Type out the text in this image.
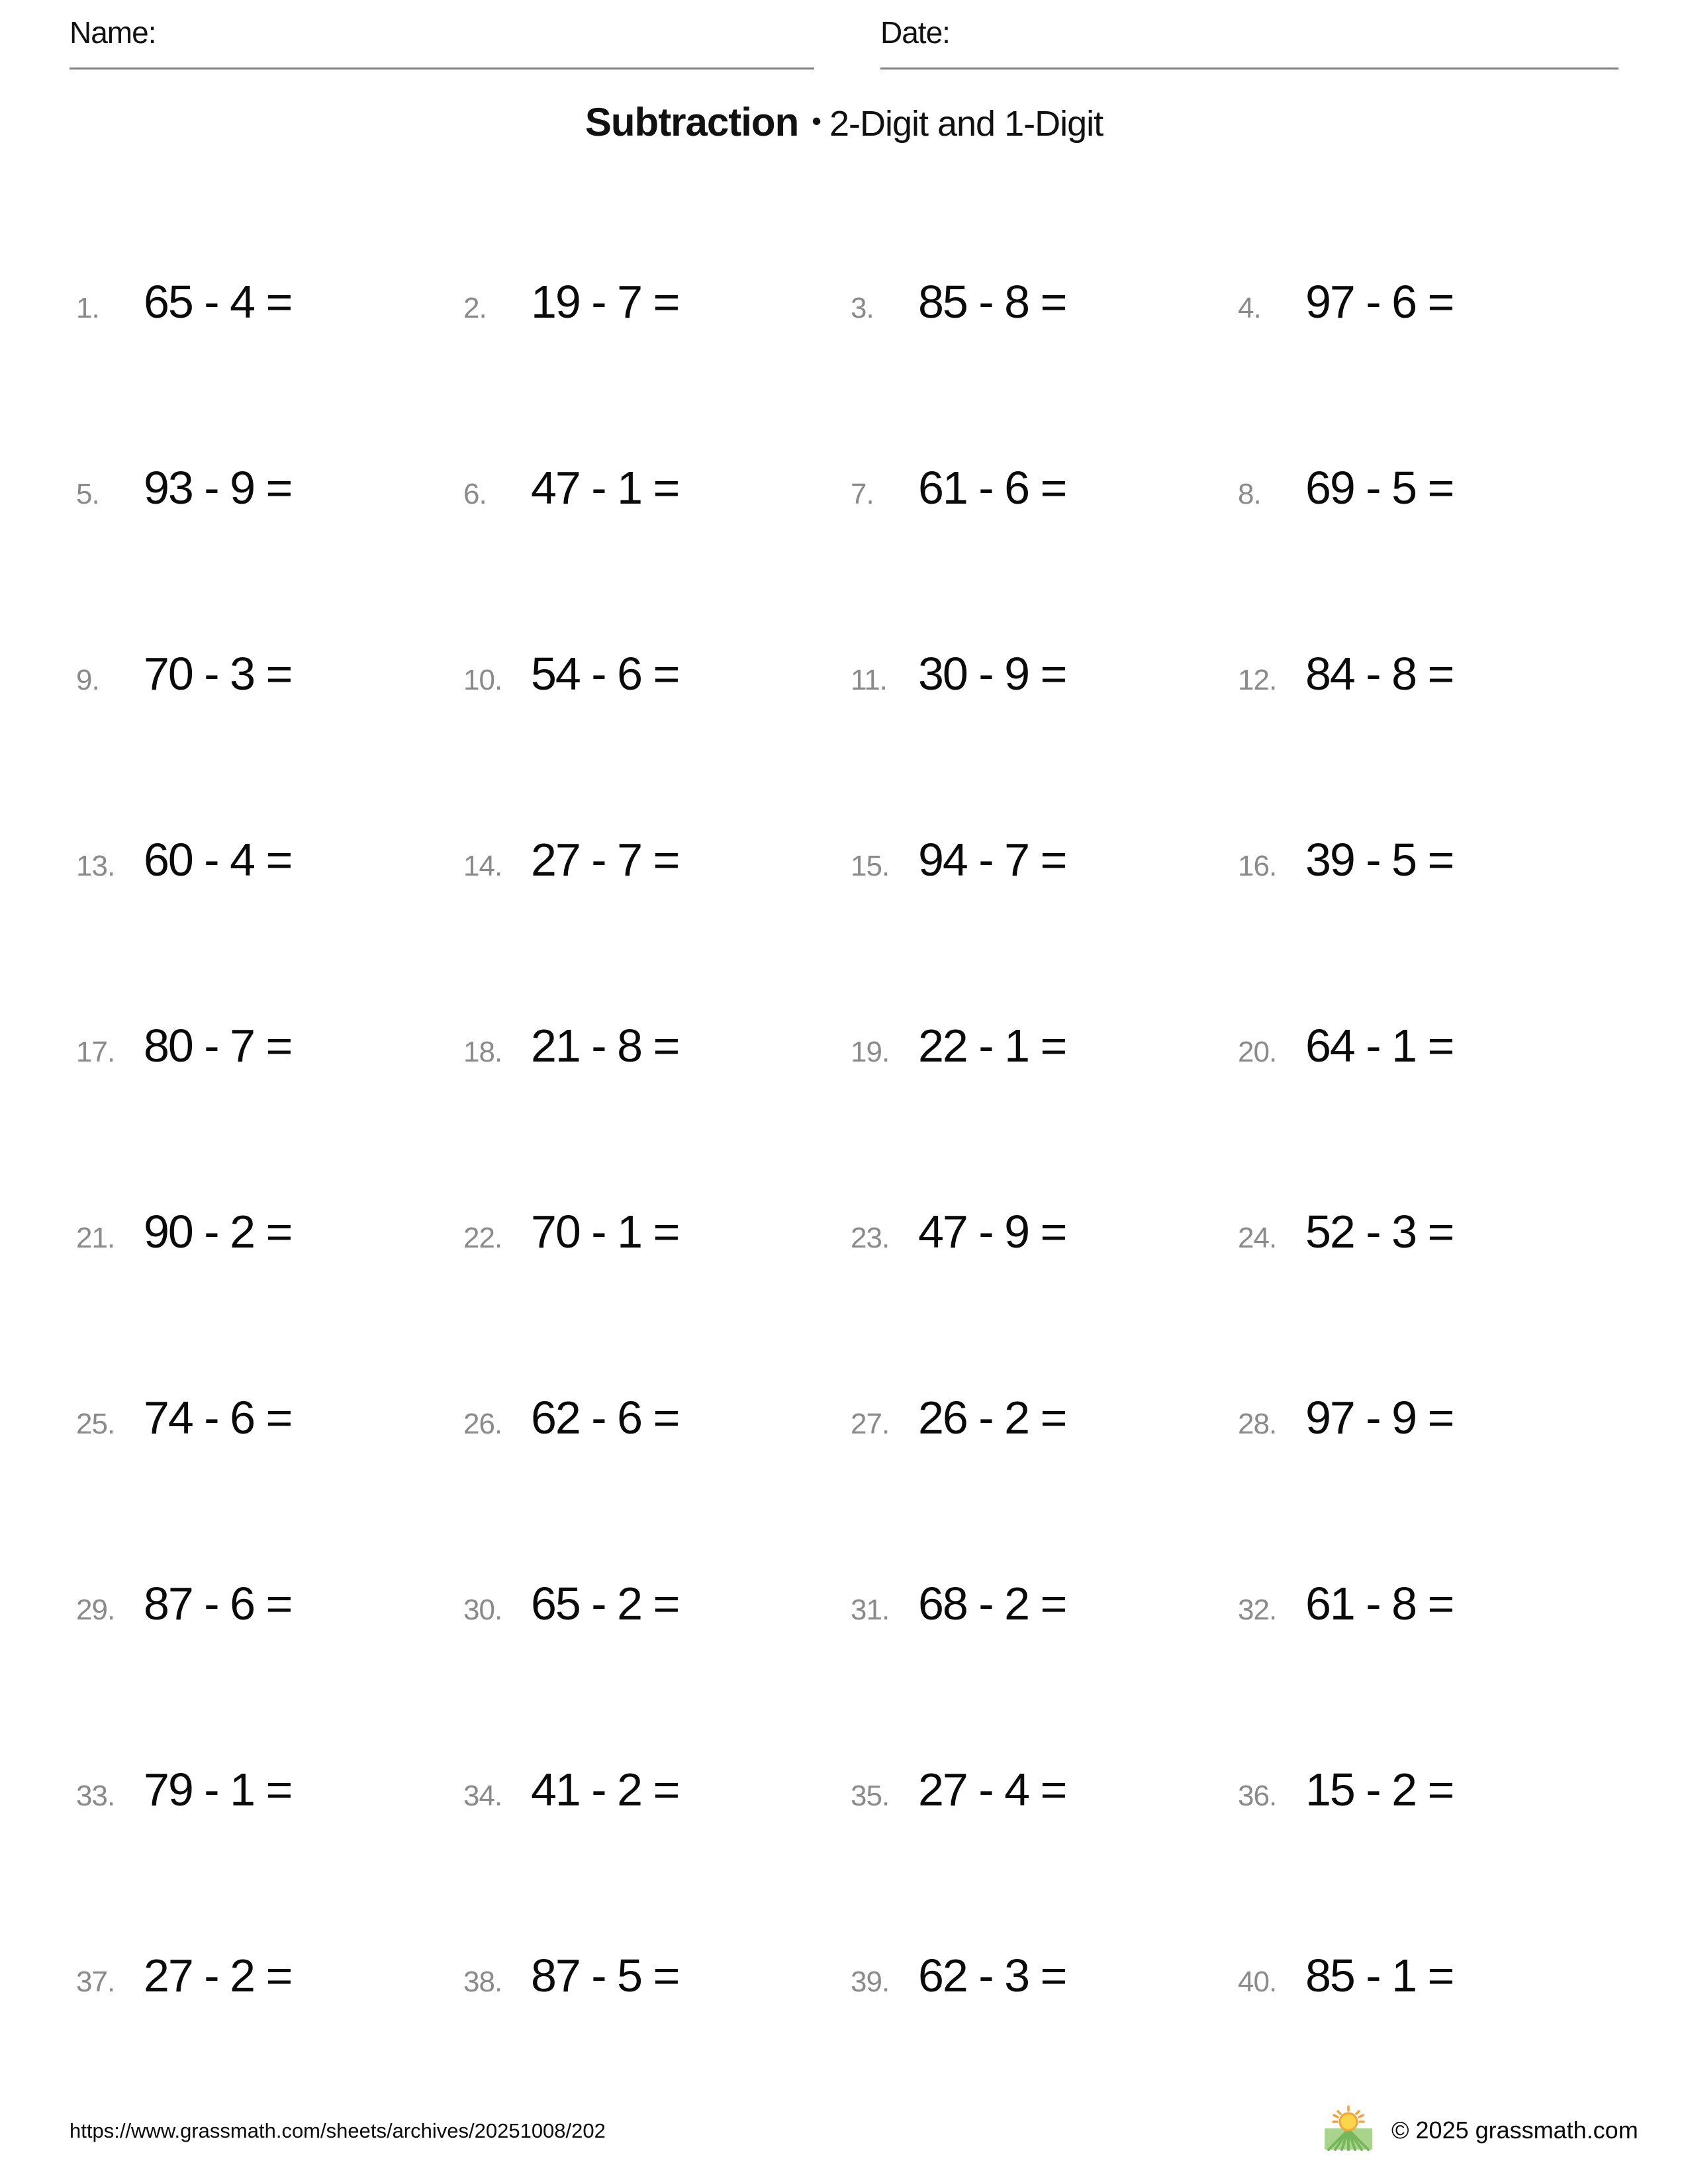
Name:	Date:
Subtraction • 2-Digit and 1-Digit
1. 65 - 4 =	2. 19 - 7 =	3. 85 - 8 =	4. 97 - 6 =
5. 93 - 9 =	6. 47 - 1 =	7. 61 - 6 =	8. 69 - 5 =
9. 70 - 3 =	10. 54 - 6 =	11. 30 - 9 =	12. 84 - 8 =
13. 60 - 4 =	14. 27 - 7 =	15. 94 - 7 =	16. 39 - 5 =
17. 80 - 7 =	18. 21 - 8 =	19. 22 - 1 =	20. 64 - 1 =
21. 90 - 2 =	22. 70 - 1 =	23. 47 - 9 =	24. 52 - 3 =
25. 74 - 6 =	26. 62 - 6 =	27. 26 - 2 =	28. 97 - 9 =
29. 87 - 6 =	30. 65 - 2 =	31. 68 - 2 =	32. 61 - 8 =
33. 79 - 1 =	34. 41 - 2 =	35. 27 - 4 =	36. 15 - 2 =
37. 27 - 2 =	38. 87 - 5 =	39. 62 - 3 =	40. 85 - 1 =
https://www.grassmath.com/sheets/archives/20251008/202	© 2025 grassmath.com
